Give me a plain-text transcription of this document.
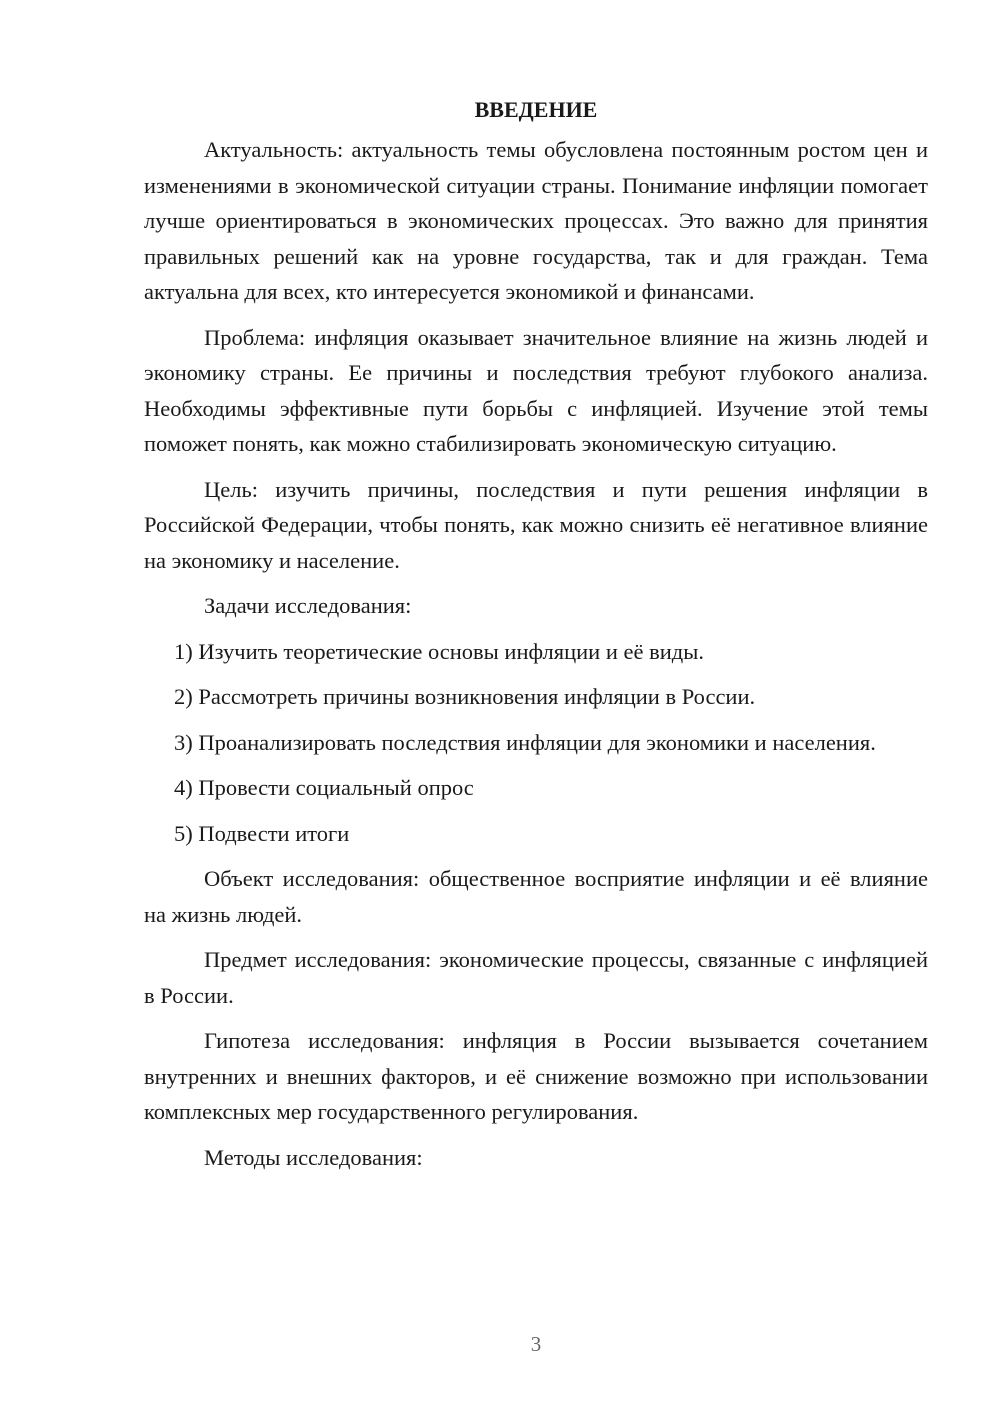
ВВЕДЕНИЕ

Актуальность: актуальность темы обусловлена постоянным ростом цен и изменениями в экономической ситуации страны. Понимание инфляции помогает лучше ориентироваться в экономических процессах. Это важно для принятия правильных решений как на уровне государства, так и для граждан. Тема актуальна для всех, кто интересуется экономикой и финансами.

Проблема: инфляция оказывает значительное влияние на жизнь людей и экономику страны. Ее причины и последствия требуют глубокого анализа. Необходимы эффективные пути борьбы с инфляцией. Изучение этой темы поможет понять, как можно стабилизировать экономическую ситуацию.

Цель: изучить причины, последствия и пути решения инфляции в Российской Федерации, чтобы понять, как можно снизить её негативное влияние на экономику и население.

Задачи исследования:

1) Изучить теоретические основы инфляции и её виды.

2) Рассмотреть причины возникновения инфляции в России.

3) Проанализировать последствия инфляции для экономики и населения.

4) Провести социальный опрос

5) Подвести итоги

Объект исследования: общественное восприятие инфляции и её влияние на жизнь людей.

Предмет исследования: экономические процессы, связанные с инфляцией в России.

Гипотеза исследования: инфляция в России вызывается сочетанием внутренних и внешних факторов, и её снижение возможно при использовании комплексных мер государственного регулирования.

Методы исследования:

3
